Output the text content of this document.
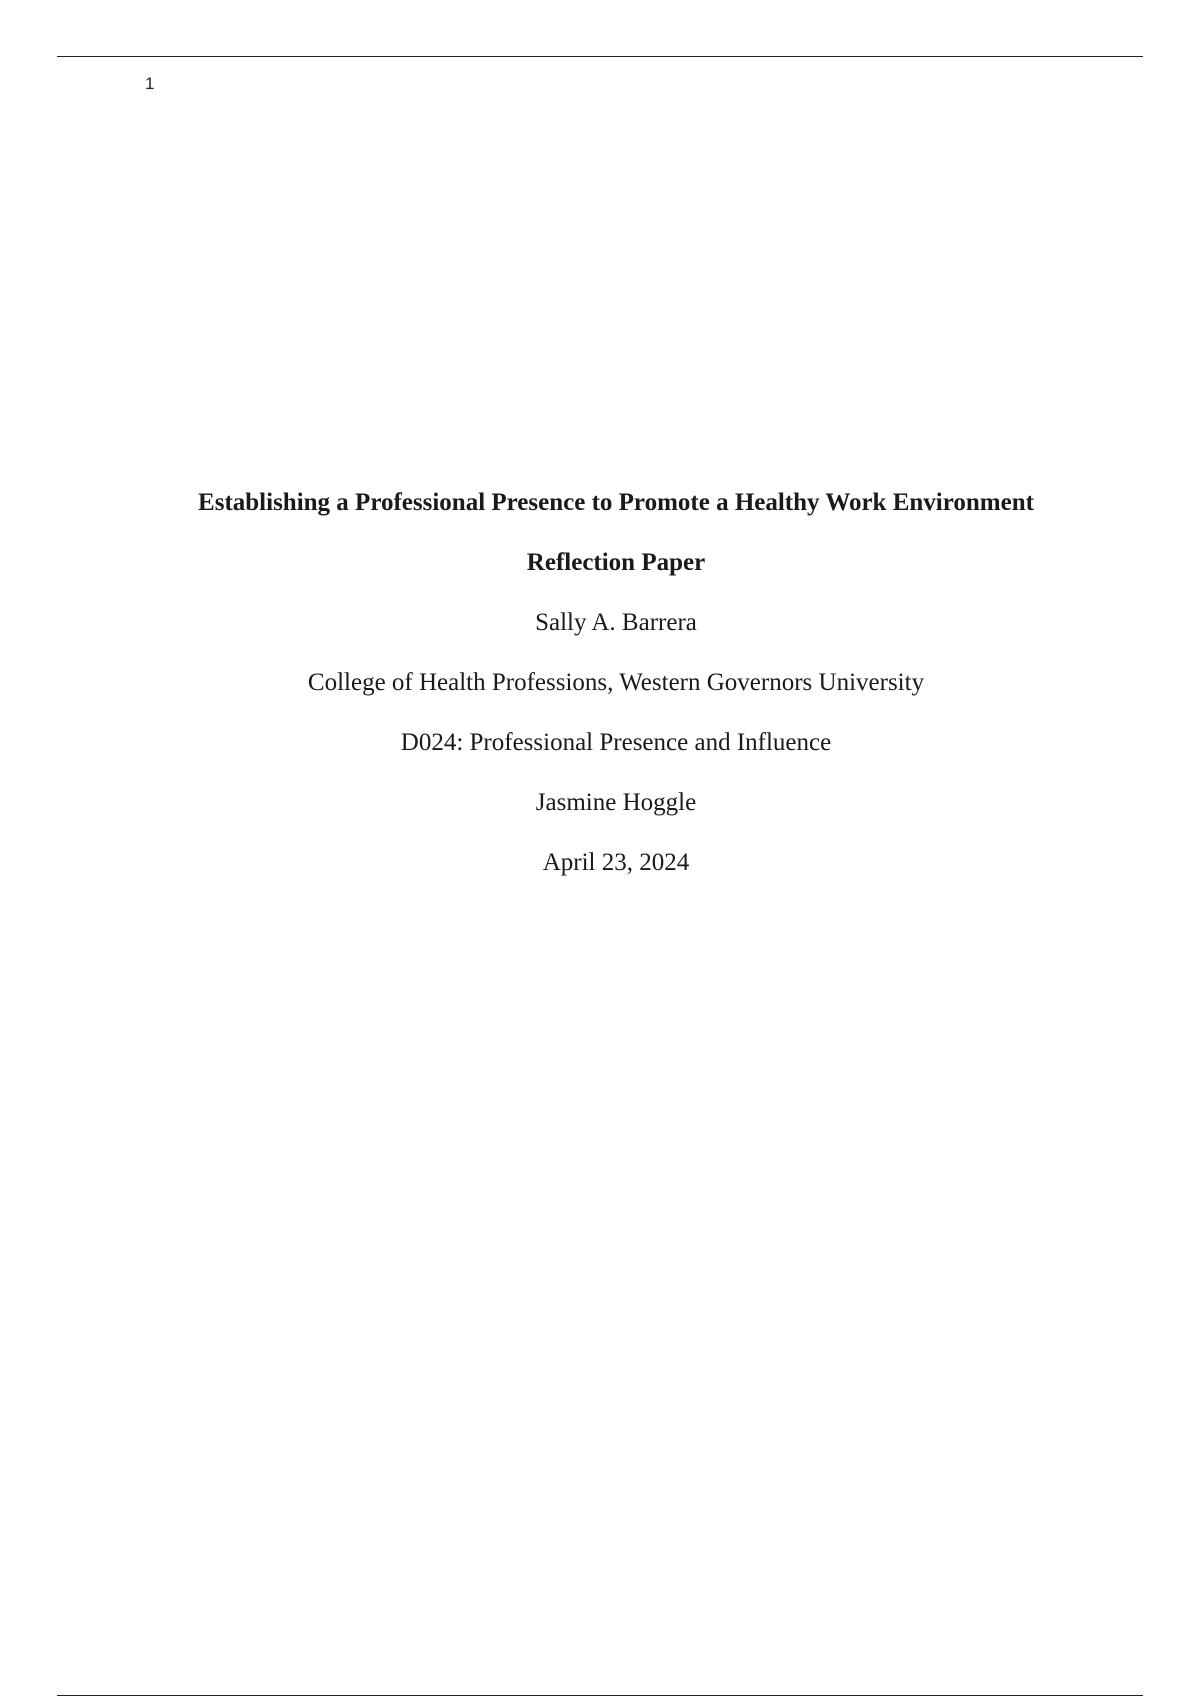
1
Establishing a Professional Presence to Promote a Healthy Work Environment
Reflection Paper
Sally A. Barrera
College of Health Professions, Western Governors University
D024: Professional Presence and Influence
Jasmine Hoggle
April 23, 2024
